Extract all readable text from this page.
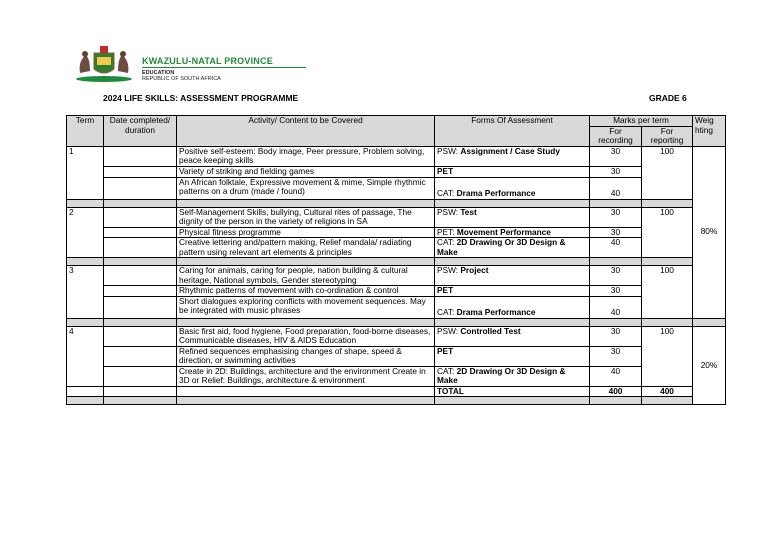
KWAZULU-NATAL PROVINCE
EDUCATION
REPUBLIC OF SOUTH AFRICA
2024 LIFE SKILLS: ASSESSMENT PROGRAMME	GRADE 6
Term	Date completed/ duration	Activity/ Content to be Covered	Forms Of Assessment	Marks per term		Weig hting
				For recording	For reporting	
1		Positive self-esteem: Body image, Peer pressure, Problem solving, peace keeping skills	PSW: Assignment / Case Study	30	100	80%
		Variety of striking and fielding games	PET	30		
		An African folktale, Expressive movement & mime, Simple rhythmic patterns on a drum (made / found)	CAT: Drama Performance	40		

2		Self-Management Skills, bullying, Cultural rites of passage, The dignity of the person in the variety of religions in SA	PSW: Test	30	100	
		Physical fitness programme	PET: Movement Performance	30		
		Creative lettering and/pattern making, Relief mandala/ radiating pattern using relevant art elements & principles	CAT: 2D Drawing Or 3D Design & Make	40		

3		Caring for animals, caring for people, nation building & cultural heritage, National symbols, Gender stereotyping	PSW: Project	30	100	
		Rhythmic patterns of movement with co-ordination & control	PET	30		
		Short dialogues exploring conflicts with movement sequences. May be integrated with music phrases	CAT: Drama Performance	40		

4		Basic first aid, food hygiene, Food preparation, food-borne diseases, Communicable diseases, HIV & AIDS Education	PSW: Controlled Test	30	100	20%
		Refined sequences emphasising changes of shape, speed & direction, or swimming activities	PET	30		
		Create in 2D: Buildings, architecture and the environment Create in 3D or Relief: Buildings, architecture & environment	CAT: 2D Drawing Or 3D Design & Make	40		
			TOTAL	400	400	
